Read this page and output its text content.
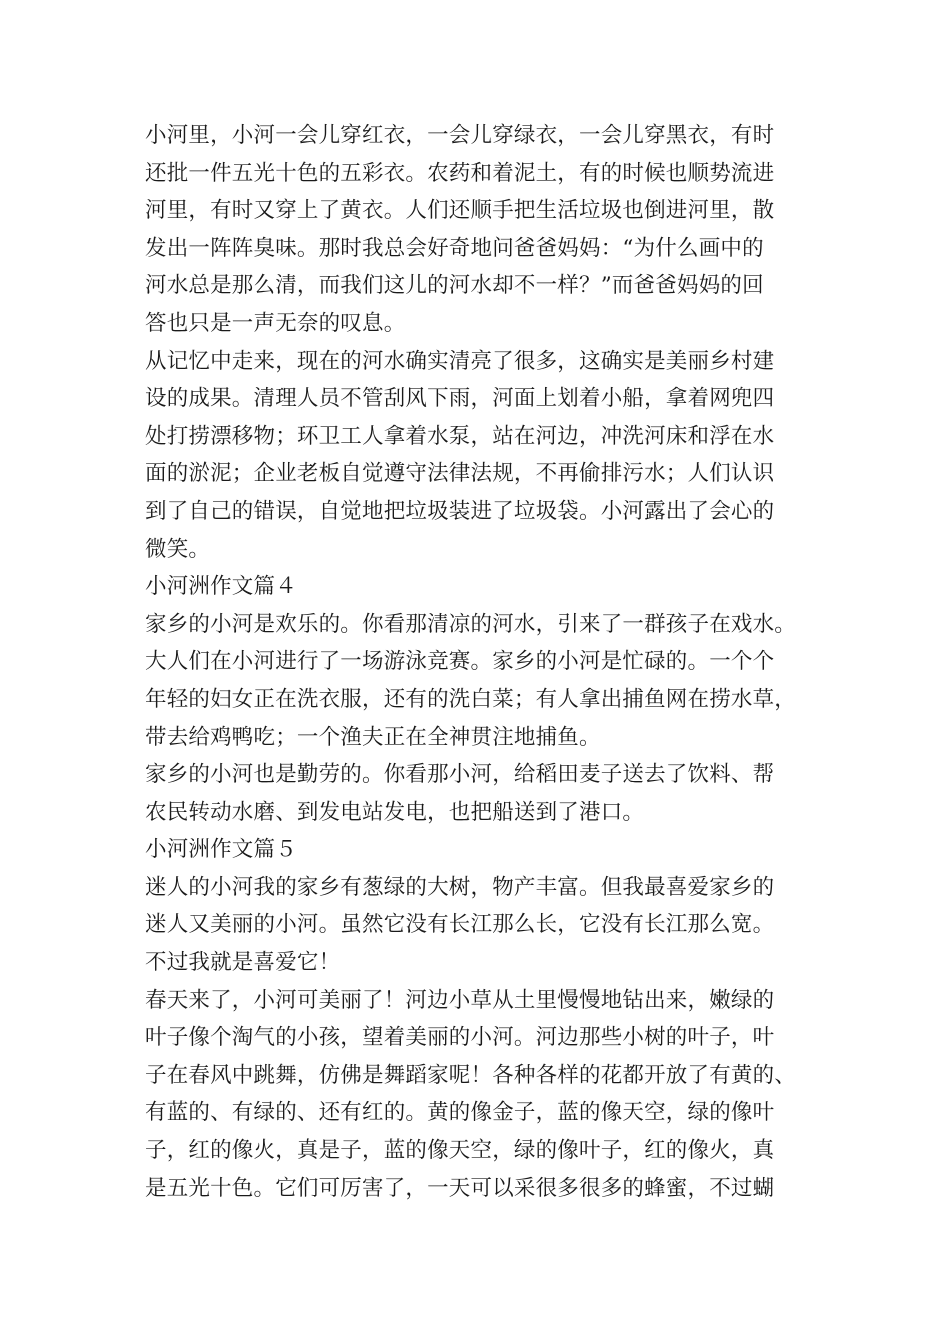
小河里，小河一会儿穿红衣，一会儿穿绿衣，一会儿穿黑衣，有时
还批一件五光十色的五彩衣。农药和着泥土，有的时候也顺势流进
河里，有时又穿上了黄衣。人们还顺手把生活垃圾也倒进河里，散
发出一阵阵臭味。那时我总会好奇地问爸爸妈妈：“为什么画中的
河水总是那么清，而我们这儿的河水却不一样？”而爸爸妈妈的回
答也只是一声无奈的叹息。
从记忆中走来，现在的河水确实清亮了很多，这确实是美丽乡村建
设的成果。清理人员不管刮风下雨，河面上划着小船，拿着网兜四
处打捞漂移物；环卫工人拿着水泵，站在河边，冲洗河床和浮在水
面的淤泥；企业老板自觉遵守法律法规，不再偷排污水；人们认识
到了自己的错误，自觉地把垃圾装进了垃圾袋。小河露出了会心的
微笑。
小河洲作文篇４
家乡的小河是欢乐的。你看那清凉的河水，引来了一群孩子在戏水。
大人们在小河进行了一场游泳竞赛。家乡的小河是忙碌的。一个个
年轻的妇女正在洗衣服，还有的洗白菜；有人拿出捕鱼网在捞水草，
带去给鸡鸭吃；一个渔夫正在全神贯注地捕鱼。
家乡的小河也是勤劳的。你看那小河，给稻田麦子送去了饮料、帮
农民转动水磨、到发电站发电，也把船送到了港口。
小河洲作文篇５
迷人的小河我的家乡有葱绿的大树，物产丰富。但我最喜爱家乡的
迷人又美丽的小河。虽然它没有长江那么长，它没有长江那么宽。
不过我就是喜爱它！
春天来了，小河可美丽了！河边小草从土里慢慢地钻出来，嫩绿的
叶子像个淘气的小孩，望着美丽的小河。河边那些小树的叶子，叶
子在春风中跳舞，仿佛是舞蹈家呢！各种各样的花都开放了有黄的、
有蓝的、有绿的、还有红的。黄的像金子，蓝的像天空，绿的像叶
子，红的像火，真是子，蓝的像天空，绿的像叶子，红的像火，真
是五光十色。它们可厉害了，一天可以采很多很多的蜂蜜，不过蝴
